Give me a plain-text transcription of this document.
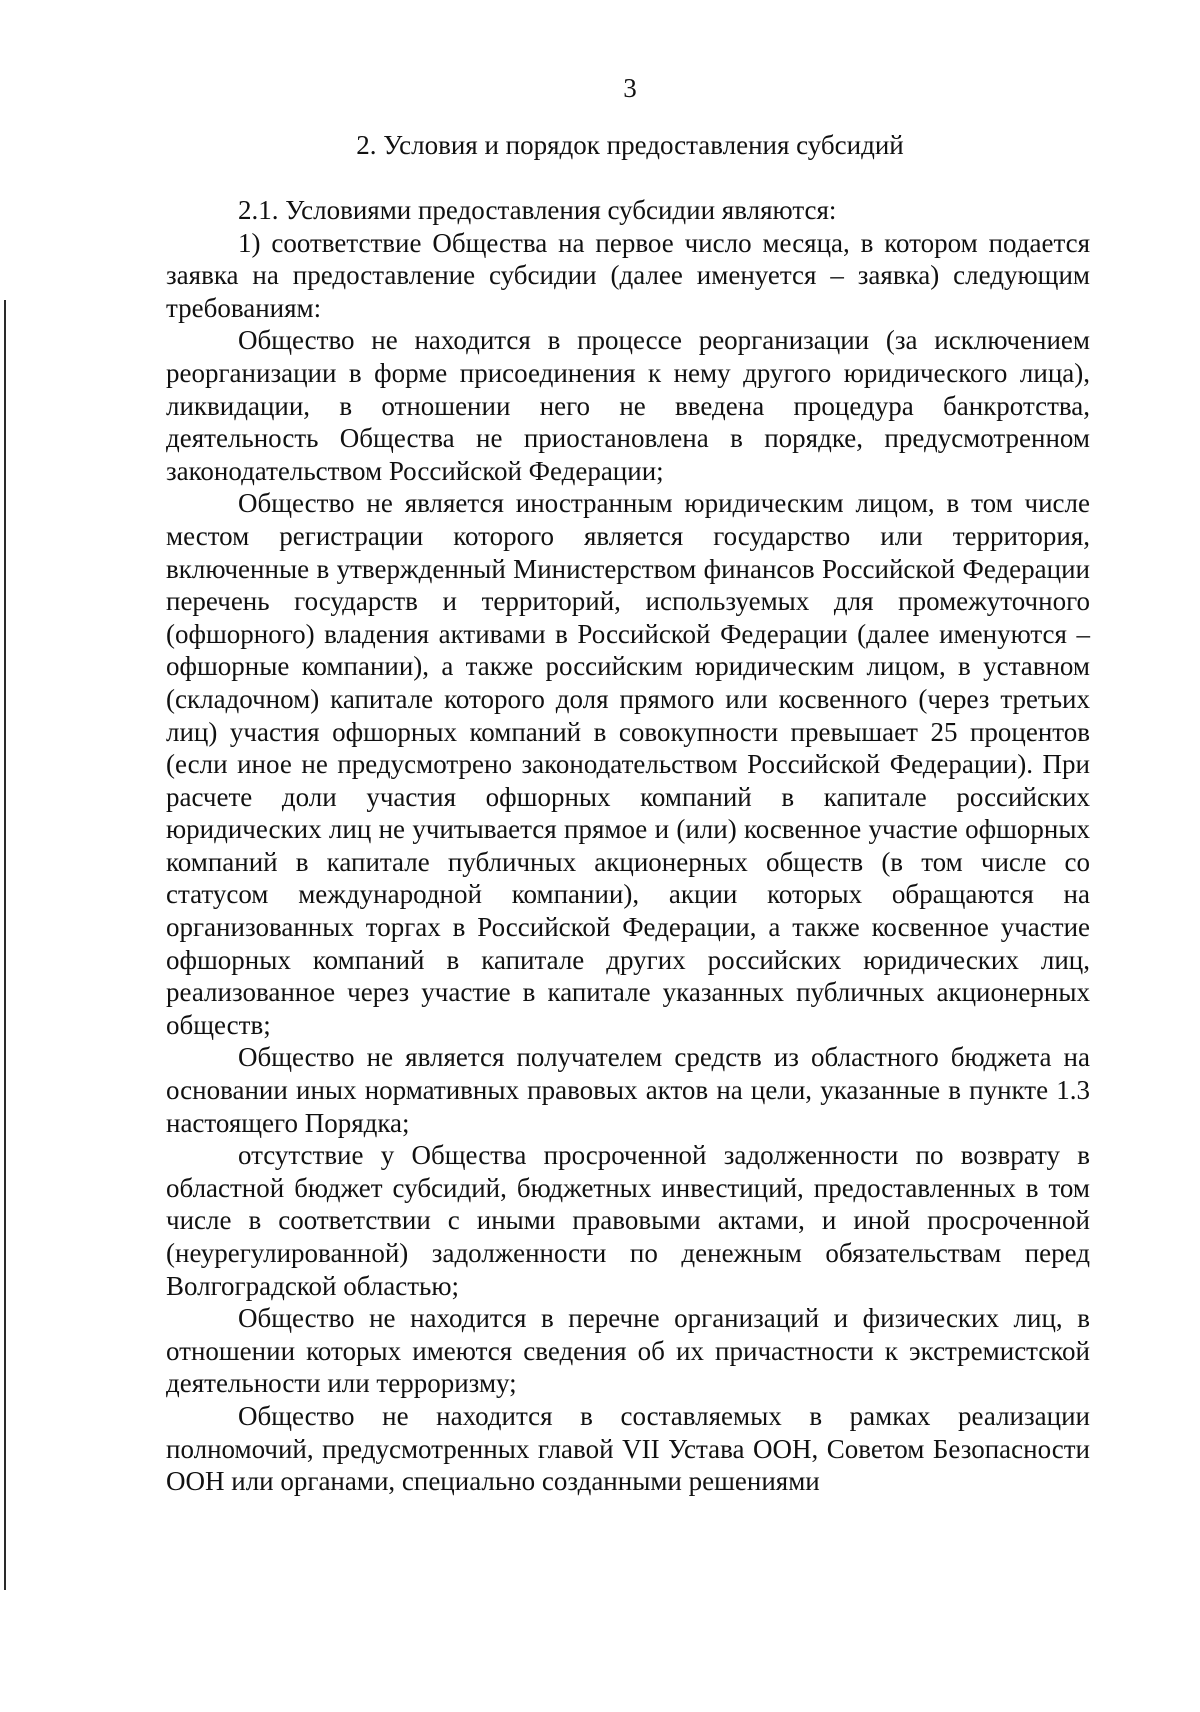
3
2. Условия и порядок предоставления субсидий

2.1. Условиями предоставления субсидии являются:

1) соответствие Общества на первое число месяца, в котором подается заявка на предоставление субсидии (далее именуется – заявка) следующим требованиям:

Общество не находится в процессе реорганизации (за исключением реорганизации в форме присоединения к нему другого юридического лица), ликвидации, в отношении него не введена процедура банкротства, деятельность Общества не приостановлена в порядке, предусмотренном законодательством Российской Федерации;

Общество не является иностранным юридическим лицом, в том числе местом регистрации которого является государство или территория, включенные в утвержденный Министерством финансов Российской Федерации перечень государств и территорий, используемых для промежуточного (офшорного) владения активами в Российской Федерации (далее именуются – офшорные компании), а также российским юридическим лицом, в уставном (складочном) капитале которого доля прямого или косвенного (через третьих лиц) участия офшорных компаний в совокупности превышает 25 процентов (если иное не предусмотрено законодательством Российской Федерации). При расчете доли участия офшорных компаний в капитале российских юридических лиц не учитывается прямое и (или) косвенное участие офшорных компаний в капитале публичных акционерных обществ (в том числе со статусом международной компании), акции которых обращаются на организованных торгах в Российской Федерации, а также косвенное участие офшорных компаний в капитале других российских юридических лиц, реализованное через участие в капитале указанных публичных акционерных обществ;

Общество не является получателем средств из областного бюджета на основании иных нормативных правовых актов на цели, указанные в пункте 1.3 настоящего Порядка;

отсутствие у Общества просроченной задолженности по возврату в областной бюджет субсидий, бюджетных инвестиций, предоставленных в том числе в соответствии с иными правовыми актами, и иной просроченной (неурегулированной) задолженности по денежным обязательствам перед Волгоградской областью;

Общество не находится в перечне организаций и физических лиц, в отношении которых имеются сведения об их причастности к экстремистской деятельности или терроризму;

Общество не находится в составляемых в рамках реализации полномочий, предусмотренных главой VII Устава ООН, Советом Безопасности ООН или органами, специально созданными решениями
